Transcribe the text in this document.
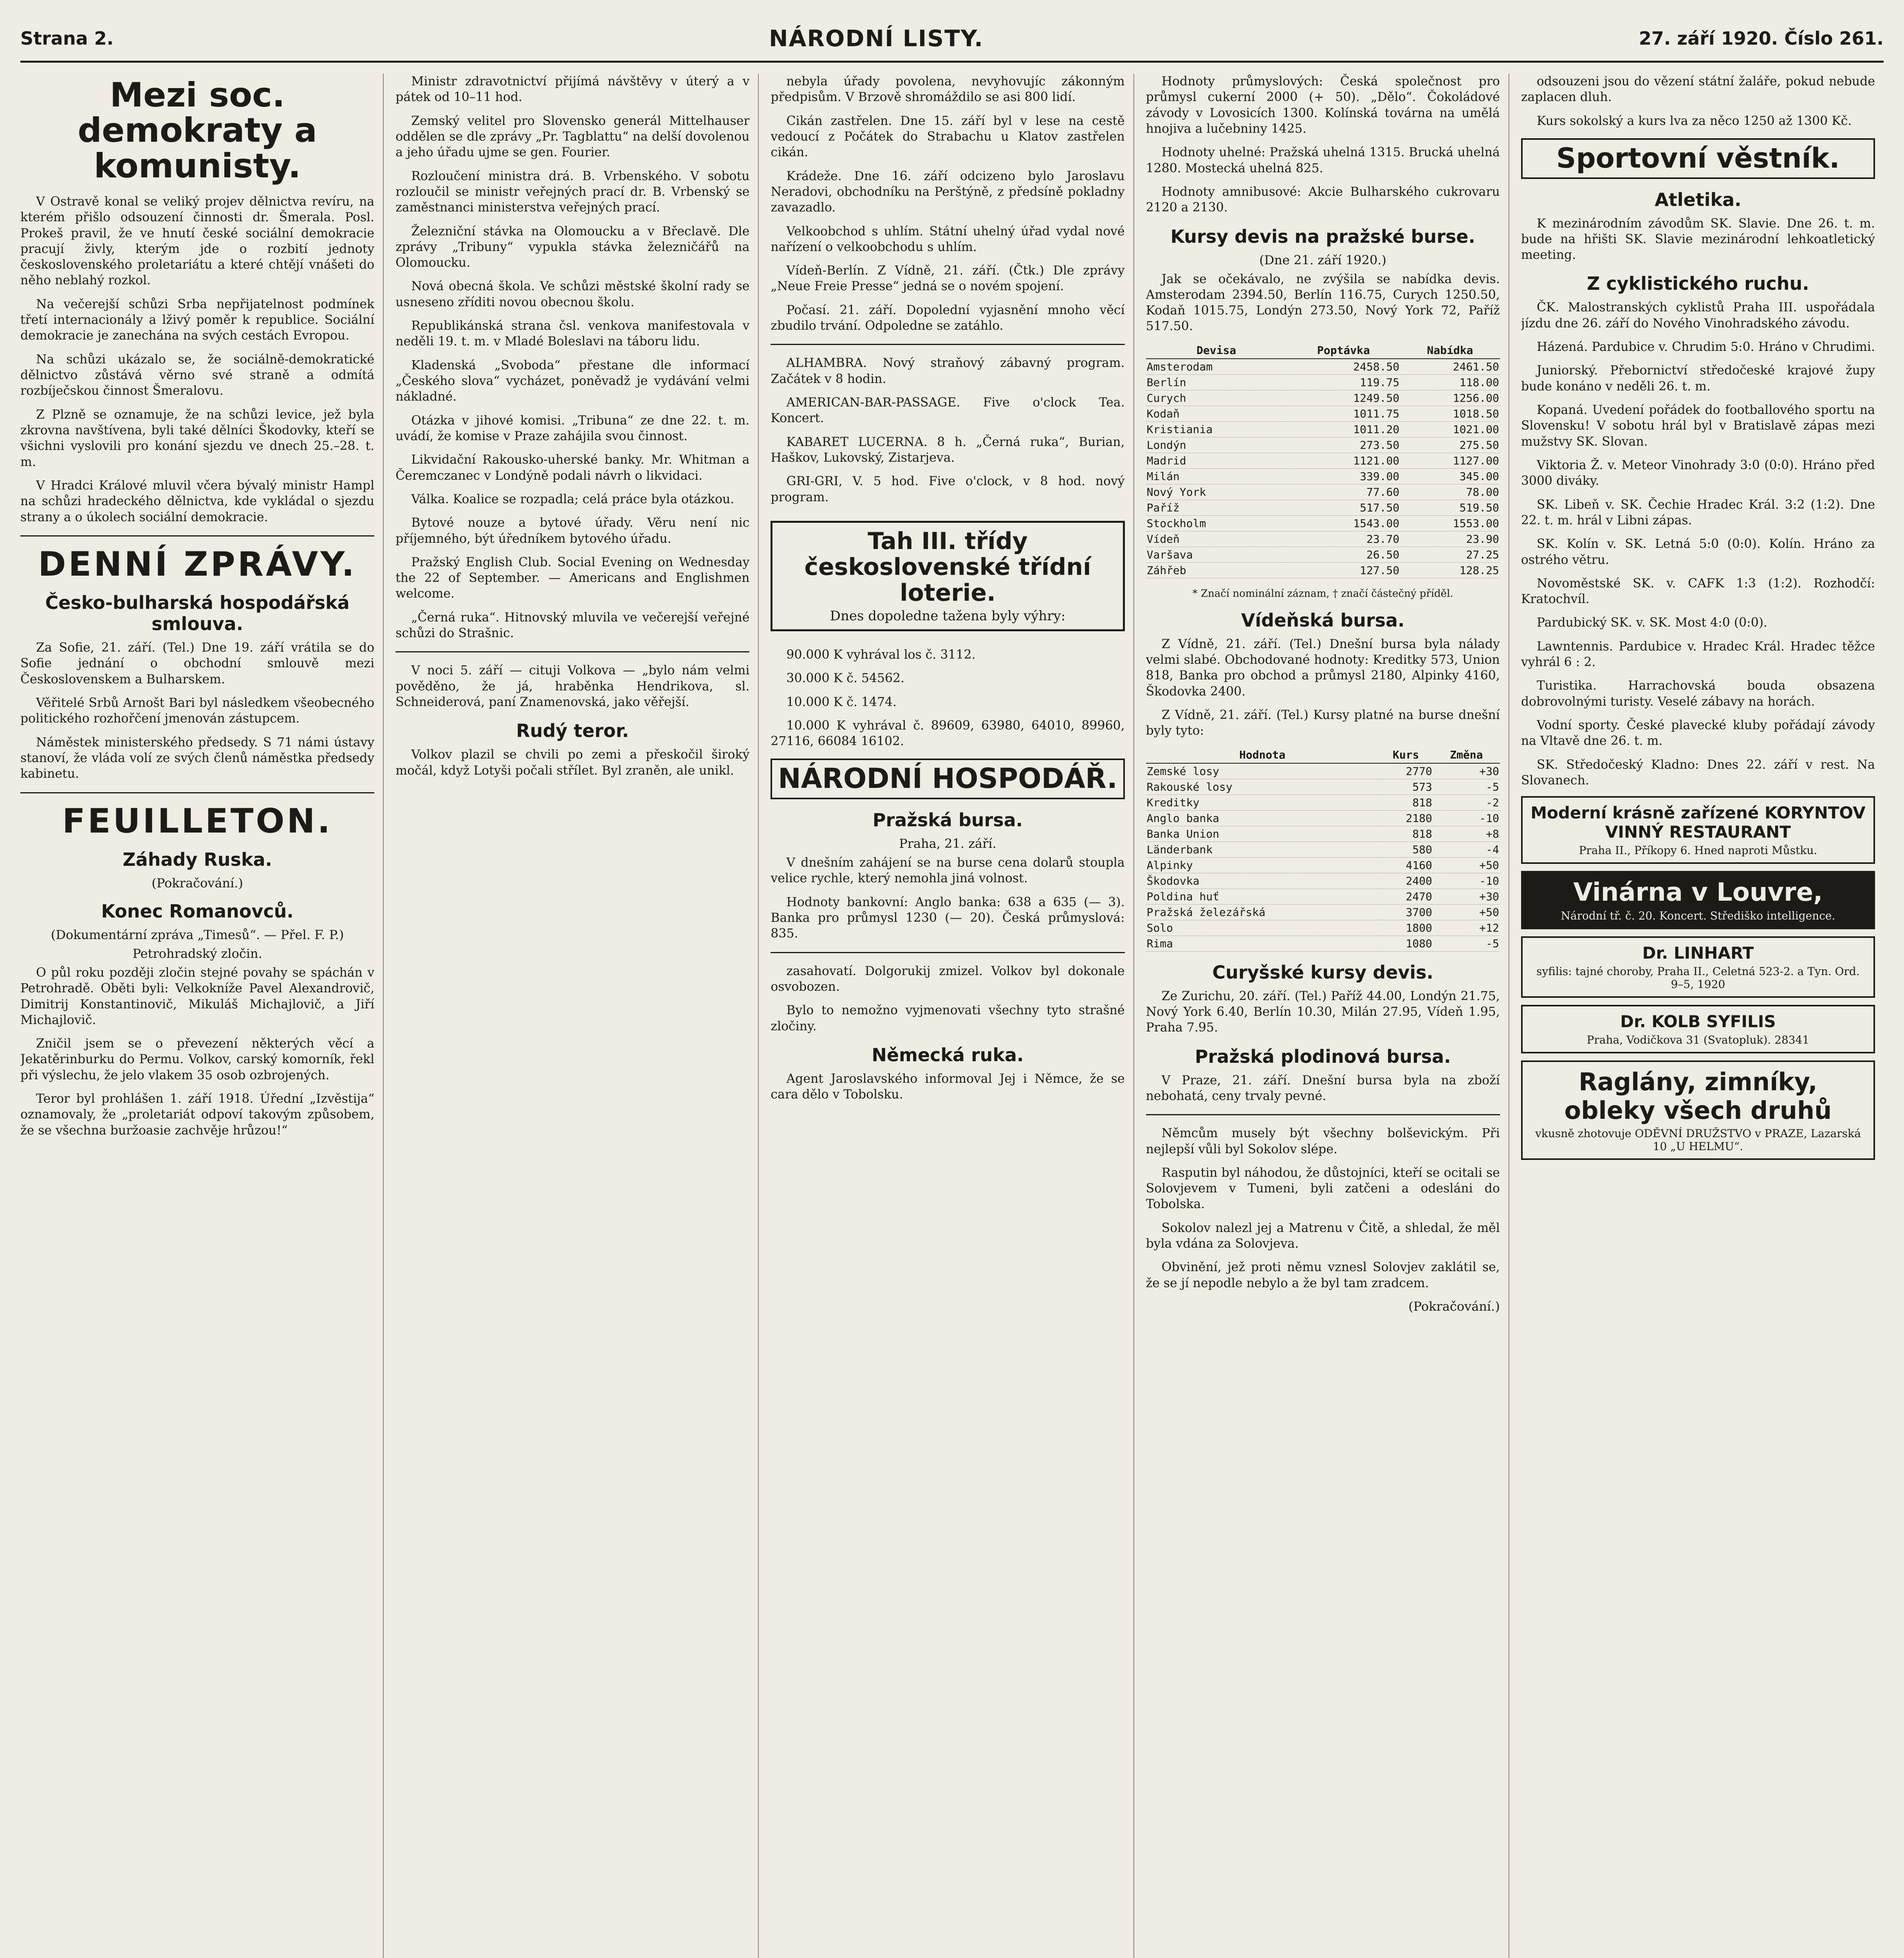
Strana 2.	NÁRODNÍ LISTY.	27. září 1920. Číslo 261.
Mezi soc. demokraty a komunisty.

V Ostravě konal se veliký projev dělnictva revíru, na kterém přišlo odsouzení činnosti dr. Šmerala. Posl. Prokeš pravil, že ve hnutí české sociální demokracie pracují živly, kterým jde o rozbití jednoty československého proletariátu a které chtějí vnášeti do něho neblahý rozkol.

Na večerejší schůzi Srba nepřijatelnost podmínek třetí internacionály a lživý poměr k republice. Sociální demokracie je zanechána na svých cestách Evropou.

Na schůzi ukázalo se, že sociálně-demokratické dělnictvo zůstává věrno své straně a odmítá rozbíječskou činnost Šmeralovu.

Z Plzně se oznamuje, že na schůzi levice, jež byla zkrovna navštívena, byli také dělníci Škodovky, kteří se všichni vyslovili pro konání sjezdu ve dnech 25.–28. t. m.

V Hradci Králové mluvil včera bývalý ministr Hampl na schůzi hradeckého dělnictva, kde vykládal o sjezdu strany a o úkolech sociální demokracie.

DENNÍ ZPRÁVY.
Česko-bulharská hospodářská smlouva.

Za Sofie, 21. září. (Tel.) Dne 19. září vrátila se do Sofie jednání o obchodní smlouvě mezi Československem a Bulharskem.

Věřitelé Srbů Arnošt Bari byl následkem všeobecného politického rozhořčení jmenován zástupcem.

Náměstek ministerského předsedy. S 71 námi ústavy stanoví, že vláda volí ze svých členů náměstka předsedy kabinetu.

FEUILLETON.
Záhady Ruska.
(Pokračování.)
Konec Romanovců.
(Dokumentární zpráva „Timesů“. — Přel. F. P.)
Petrohradský zločin.

O půl roku později zločin stejné povahy se spáchán v Petrohradě. Oběti byli: Velkokníže Pavel Alexandrovič, Dimitrij Konstantinovič, Mikuláš Michajlovič, a Jiří Michajlovič.

Zničil jsem se o převezení některých věcí a Jekatěrinburku do Permu. Volkov, carský komorník, řekl při výslechu, že jelo vlakem 35 osob ozbrojených.

Teror byl prohlášen 1. září 1918. Úřední „Izvěstija“ oznamovaly, že „proletariát odpoví takovým způsobem, že se všechna buržoasie zachvěje hrůzou!“

Ministr zdravotnictví přijímá návštěvy v úterý a v pátek od 10–11 hod.

Zemský velitel pro Slovensko generál Mittelhauser oddělen se dle zprávy „Pr. Tagblattu“ na delší dovolenou a jeho úřadu ujme se gen. Fourier.

Rozloučení ministra drá. B. Vrbenského. V sobotu rozloučil se ministr veřejných prací dr. B. Vrbenský se zaměstnanci ministerstva veřejných prací.

Železniční stávka na Olomoucku a v Břeclavě. Dle zprávy „Tribuny“ vypukla stávka železničářů na Olomoucku.

Nová obecná škola. Ve schůzi městské školní rady se usneseno zříditi novou obecnou školu.

Republikánská strana čsl. venkova manifestovala v neděli 19. t. m. v Mladé Boleslavi na táboru lidu.

Kladenská „Svoboda“ přestane dle informací „Českého slova“ vycházet, poněvadž je vydávání velmi nákladné.

Otázka v jihové komisi. „Tribuna“ ze dne 22. t. m. uvádí, že komise v Praze zahájila svou činnost.

Likvidační Rakousko-uherské banky. Mr. Whitman a Čeremczanec v Londýně podali návrh o likvidaci.

Válka. Koalice se rozpadla; celá práce byla otázkou.

Bytové nouze a bytové úřady. Věru není nic příjemného, být úředníkem bytového úřadu.

Pražský English Club. Social Evening on Wednesday the 22 of September. — Americans and Englishmen welcome.

„Černá ruka“. Hitnovský mluvila ve večerejší veřejné schůzi do Strašnic.

V noci 5. září — cituji Volkova — „bylo nám velmi pověděno, že já, hraběnka Hendrikova, sl. Schneiderová, paní Znamenovská, jako věřejší.

Rudý teror.

Volkov plazil se chvili po zemi a přeskočil široký močál, když Lotyši počali střílet. Byl zraněn, ale unikl.

nebyla úřady povolena, nevyhovujíc zákonným předpisům. V Brzově shromáždilo se asi 800 lidí.

Cikán zastřelen. Dne 15. září byl v lese na cestě vedoucí z Počátek do Strabachu u Klatov zastřelen cikán.

Krádeže. Dne 16. září odcizeno bylo Jaroslavu Neradovi, obchodníku na Perštýně, z předsíně pokladny zavazadlo.

Velkoobchod s uhlím. Státní uhelný úřad vydal nové nařízení o velkoobchodu s uhlím.

Vídeň-Berlín. Z Vídně, 21. září. (Čtk.) Dle zprávy „Neue Freie Presse“ jedná se o novém spojení.

Počasí. 21. září. Dopolední vyjasnění mnoho věcí zbudilo trvání. Odpoledne se zatáhlo.

ALHAMBRA. Nový straňový zábavný program. Začátek v 8 hodin.

AMERICAN-BAR-PASSAGE. Five o'clock Tea. Koncert.

KABARET LUCERNA. 8 h. „Černá ruka“, Burian, Haškov, Lukovský, Zistarjeva.

GRI-GRI, V. 5 hod. Five o'clock, v 8 hod. nový program.

Tah III. třídy československé třídní loterie.
Dnes dopoledne tažena byly výhry:

90.000 K vyhrával los č. 3112.

30.000 K č. 54562.

10.000 K č. 1474.

10.000 K vyhrával č. 89609, 63980, 64010, 89960, 27116, 66084 16102.

NÁRODNÍ HOSPODÁŘ.
Pražská bursa.
Praha, 21. září.

V dnešním zahájení se na burse cena dolarů stoupla velice rychle, který nemohla jiná volnost.

Hodnoty bankovní: Anglo banka: 638 a 635 (— 3). Banka pro průmysl 1230 (— 20). Česká průmyslová: 835.

zasahovatí. Dolgorukij zmizel. Volkov byl dokonale osvobozen.

Bylo to nemožno vyjmenovati všechny tyto strašné zločiny.

Německá ruka.

Agent Jaroslavského informoval Jej i Němce, že se cara dělo v Tobolsku.

Hodnoty průmyslových: Česká společnost pro průmysl cukerní 2000 (+ 50). „Dělo“. Čokoládové závody v Lovosicích 1300. Kolínská továrna na umělá hnojiva a lučebniny 1425.

Hodnoty uhelné: Pražská uhelná 1315. Brucká uhelná 1280. Mostecká uhelná 825.

Hodnoty amnibusové: Akcie Bulharského cukrovaru 2120 a 2130.

Kursy devis na pražské burse.
(Dne 21. září 1920.)

Jak se očekávalo, ne zvýšila se nabídka devis. Amsterodam 2394.50, Berlín 116.75, Curych 1250.50, Kodaň 1015.75, Londýn 273.50, Nový York 72, Paříž 517.50.

Devisa	Poptávka	Nabídka
Amsterodam	2458.50	2461.50
Berlín	119.75	118.00
Curych	1249.50	1256.00
Kodaň	1011.75	1018.50
Kristiania	1011.20	1021.00
Londýn	273.50	275.50
Madrid	1121.00	1127.00
Milán	339.00	345.00
Nový York	77.60	78.00
Paříž	517.50	519.50
Stockholm	1543.00	1553.00
Vídeň	23.70	23.90
Varšava	26.50	27.25
Záhřeb	127.50	128.25
* Značí nominální záznam, † značí částečný příděl.
Vídeňská bursa.

Z Vídně, 21. září. (Tel.) Dnešní bursa byla nálady velmi slabé. Obchodované hodnoty: Kreditky 573, Union 818, Banka pro obchod a průmysl 2180, Alpinky 4160, Škodovka 2400.

Z Vídně, 21. září. (Tel.) Kursy platné na burse dnešní byly tyto:

Hodnota	Kurs	Změna
Zemské losy	2770	+30
Rakouské losy	573	-5
Kreditky	818	-2
Anglo banka	2180	-10
Banka Union	818	+8
Länderbank	580	-4
Alpinky	4160	+50
Škodovka	2400	-10
Poldina huť	2470	+30
Pražská železářská	3700	+50
Solo	1800	+12
Rima	1080	-5
Curyšské kursy devis.

Ze Zurichu, 20. září. (Tel.) Paříž 44.00, Londýn 21.75, Nový York 6.40, Berlín 10.30, Milán 27.95, Vídeň 1.95, Praha 7.95.

Pražská plodinová bursa.

V Praze, 21. září. Dnešní bursa byla na zboží nebohatá, ceny trvaly pevné.

Němcům musely být všechny bolševickým. Při nejlepší vůli byl Sokolov slépe.

Rasputin byl náhodou, že důstojníci, kteří se ocitali se Solovjevem v Tumeni, byli zatčeni a odesláni do Tobolska.

Sokolov nalezl jej a Matrenu v Čitě, a shledal, že měl byla vdána za Solovjeva.

Obvinění, jež proti němu vznesl Solovjev zaklátil se, že se jí nepodle nebylo a že byl tam zradcem.

(Pokračování.)

odsouzeni jsou do vězení státní žaláře, pokud nebude zaplacen dluh.

Kurs sokolský a kurs lva za něco 1250 až 1300 Kč.

Sportovní věstník.
Atletika.

K mezinárodním závodům SK. Slavie. Dne 26. t. m. bude na hřišti SK. Slavie mezinárodní lehkoatletický meeting.

Z cyklistického ruchu.

ČK. Malostranských cyklistů Praha III. uspořádala jízdu dne 26. září do Nového Vinohradského závodu.

Házená. Pardubice v. Chrudim 5:0. Hráno v Chrudimi.

Juniorský. Přebornictví středočeské krajové župy bude konáno v neděli 26. t. m.

Kopaná. Uvedení pořádek do footballového sportu na Slovensku! V sobotu hrál byl v Bratislavě zápas mezi mužstvy SK. Slovan.

Viktoria Ž. v. Meteor Vinohrady 3:0 (0:0). Hráno před 3000 diváky.

SK. Libeň v. SK. Čechie Hradec Král. 3:2 (1:2). Dne 22. t. m. hrál v Libni zápas.

SK. Kolín v. SK. Letná 5:0 (0:0). Kolín. Hráno za ostrého větru.

Novoměstské SK. v. CAFK 1:3 (1:2). Rozhodčí: Kratochvíl.

Pardubický SK. v. SK. Most 4:0 (0:0).

Lawntennis. Pardubice v. Hradec Král. Hradec těžce vyhrál 6 : 2.

Turistika. Harrachovská bouda obsazena dobrovolnými turisty. Veselé zábavy na horách.

Vodní sporty. České plavecké kluby pořádají závody na Vltavě dne 26. t. m.

SK. Středočeský Kladno: Dnes 22. září v rest. Na Slovanech.

Moderní krásně zařízené KORYNTOV VINNÝ RESTAURANT
Praha II., Příkopy 6. Hned naproti Můstku.
Vinárna v Louvre,
Národní tř. č. 20. Koncert. Střediško intelligence.
Dr. LINHART
syfilis: tajné choroby, Praha II., Celetná 523-2. a Tyn. Ord. 9–5, 1920
Dr. KOLB SYFILIS
Praha, Vodičkova 31 (Svatopluk). 28341
Raglány, zimníky, obleky všech druhů
vkusně zhotovuje ODĚVNÍ DRUŽSTVO v PRAZE, Lazarská 10 „U HELMU“.
